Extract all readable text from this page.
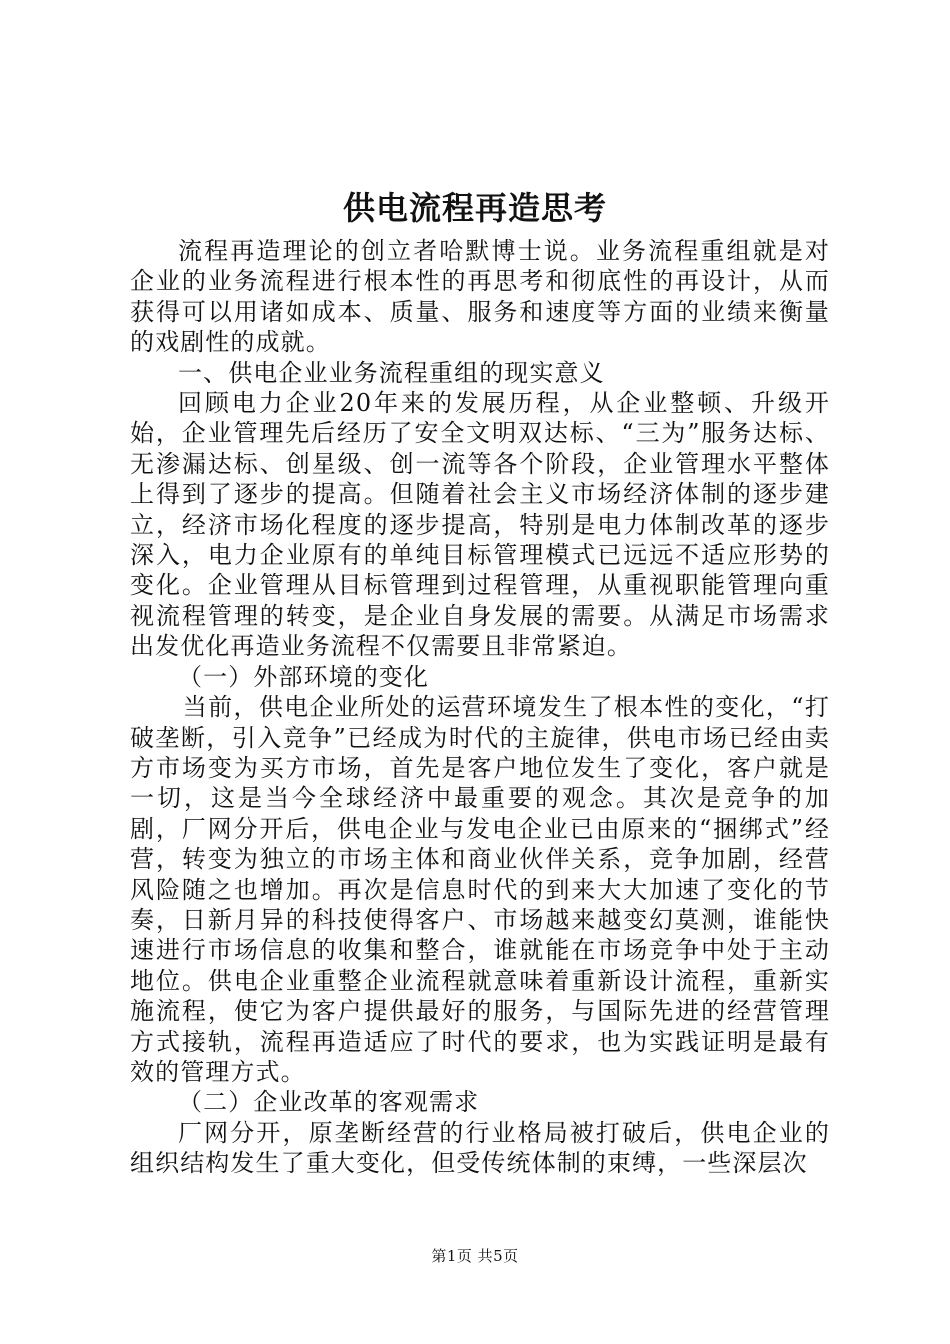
供电流程再造思考

流程再造理论的创立者哈默博士说。业务流程重组就是对企业的业务流程进行根本性的再思考和彻底性的再设计，从而获得可以用诸如成本、质量、服务和速度等方面的业绩来衡量的戏剧性的成就。

一、供电企业业务流程重组的现实意义

回顾电力企业20年来的发展历程，从企业整顿、升级开始，企业管理先后经历了安全文明双达标、“三为”服务达标、无渗漏达标、创星级、创一流等各个阶段，企业管理水平整体上得到了逐步的提高。但随着社会主义市场经济体制的逐步建立，经济市场化程度的逐步提高，特别是电力体制改革的逐步深入，电力企业原有的单纯目标管理模式已远远不适应形势的变化。企业管理从目标管理到过程管理，从重视职能管理向重视流程管理的转变，是企业自身发展的需要。从满足市场需求出发优化再造业务流程不仅需要且非常紧迫。

（一）外部环境的变化

当前，供电企业所处的运营环境发生了根本性的变化，“打破垄断，引入竞争”已经成为时代的主旋律，供电市场已经由卖方市场变为买方市场，首先是客户地位发生了变化，客户就是一切，这是当今全球经济中最重要的观念。其次是竞争的加剧，厂网分开后，供电企业与发电企业已由原来的“捆绑式”经营，转变为独立的市场主体和商业伙伴关系，竞争加剧，经营风险随之也增加。再次是信息时代的到来大大加速了变化的节奏，日新月异的科技使得客户、市场越来越变幻莫测，谁能快速进行市场信息的收集和整合，谁就能在市场竞争中处于主动地位。供电企业重整企业流程就意味着重新设计流程，重新实施流程，使它为客户提供最好的服务，与国际先进的经营管理方式接轨，流程再造适应了时代的要求，也为实践证明是最有效的管理方式。

（二）企业改革的客观需求

厂网分开，原垄断经营的行业格局被打破后，供电企业的组织结构发生了重大变化，但受传统体制的束缚，一些深层次

第1页 共5页
